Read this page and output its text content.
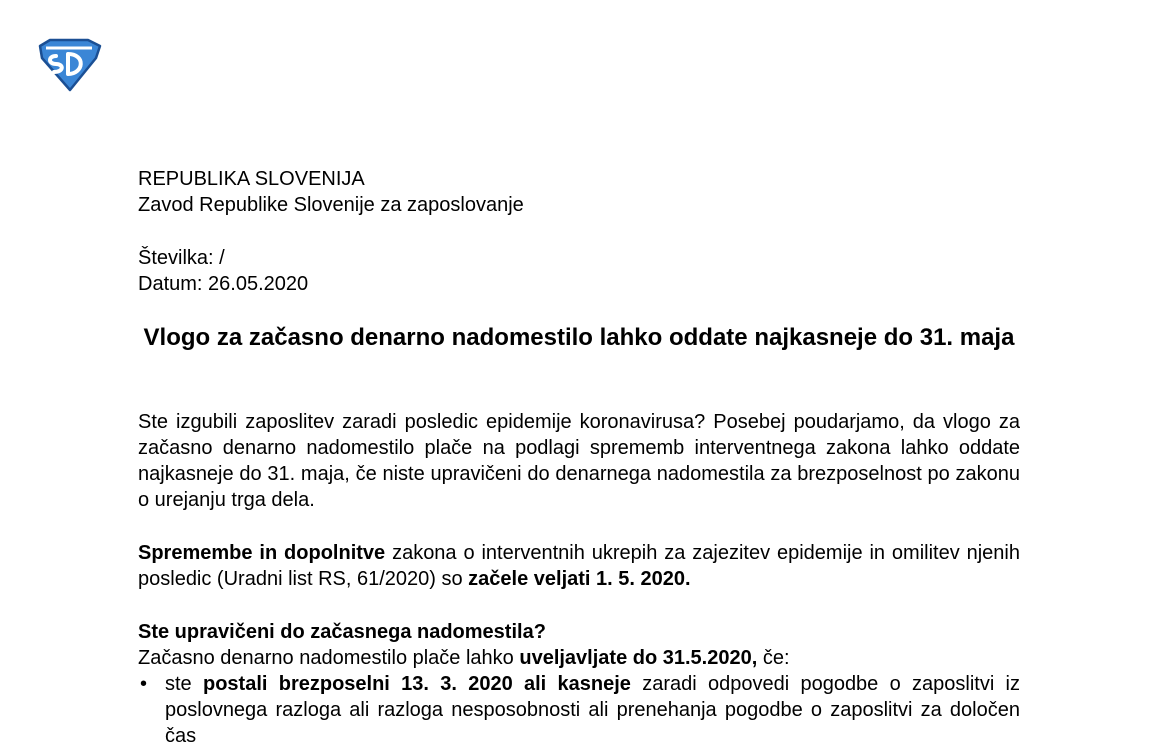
REPUBLIKA SLOVENIJA

Zavod Republike Slovenije za zaposlovanje

Številka: /

Datum: 26.05.2020

Vlogo za začasno denarno nadomestilo lahko oddate najkasneje do 31. maja

Ste izgubili zaposlitev zaradi posledic epidemije koronavirusa? Posebej poudarjamo, da vlogo za začasno denarno nadomestilo plače na podlagi sprememb interventnega zakona lahko oddate najkasneje do 31. maja, če niste upravičeni do denarnega nadomestila za brezposelnost po zakonu o urejanju trga dela.

Spremembe in dopolnitve zakona o interventnih ukrepih za zajezitev epidemije in omilitev njenih posledic (Uradni list RS, 61/2020) so začele veljati 1. 5. 2020.

Ste upravičeni do začasnega nadomestila?

Začasno denarno nadomestilo plače lahko uveljavljate do 31.5.2020, če:

• ste postali brezposelni 13. 3. 2020 ali kasneje zaradi odpovedi pogodbe o zaposlitvi iz poslovnega razloga ali razloga nesposobnosti ali prenehanja pogodbe o zaposlitvi za določen čas
